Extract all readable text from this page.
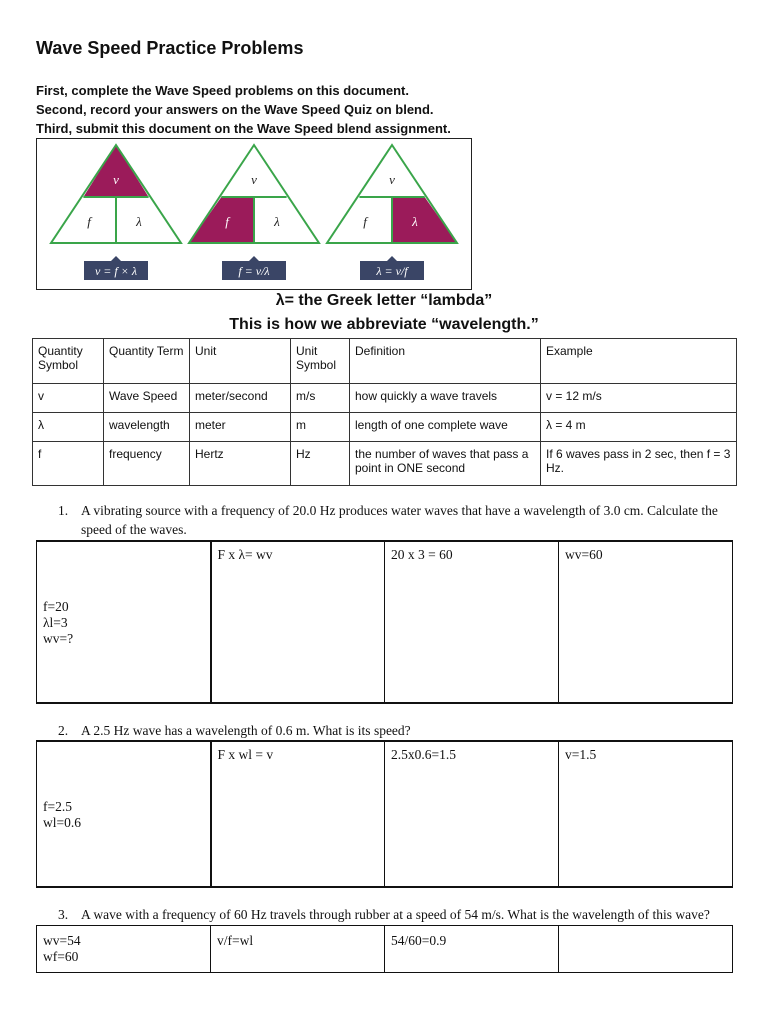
Wave Speed Practice Problems
First, complete the Wave Speed problems on this document.
Second, record your answers on the Wave Speed Quiz on blend.
Third, submit this document on the Wave Speed blend assignment.
v
f	λ
v = f × λ
v
f	λ
f = v/λ
v
f	λ
λ = v/f
λ= the Greek letter “lambda”
This is how we abbreviate “wavelength.”
Quantity Symbol	Quantity Term	Unit	Unit Symbol	Definition	Example
v	Wave Speed	meter/second	m/s	how quickly a wave travels	v = 12 m/s
λ	wavelength	meter	m	length of one complete wave	λ = 4 m
f	frequency	Hertz	Hz	the number of waves that pass a point in ONE second	If 6 waves pass in 2 sec, then f = 3 Hz.
1. A vibrating source with a frequency of 20.0 Hz produces water waves that have a wavelength of 3.0 cm. Calculate the speed of the waves.
f=20
λl=3
wv=?
	F x λ= wv	20 x 3 = 60	wv=60
2. A 2.5 Hz wave has a wavelength of 0.6 m. What is its speed?
f=2.5
wl=0.6
	F x wl = v	2.5x0.6=1.5	v=1.5
3. A wave with a frequency of 60 Hz travels through rubber at a speed of 54 m/s. What is the wavelength of this wave?
wv=54
wf=60
	v/f=wl	54/60=0.9	
